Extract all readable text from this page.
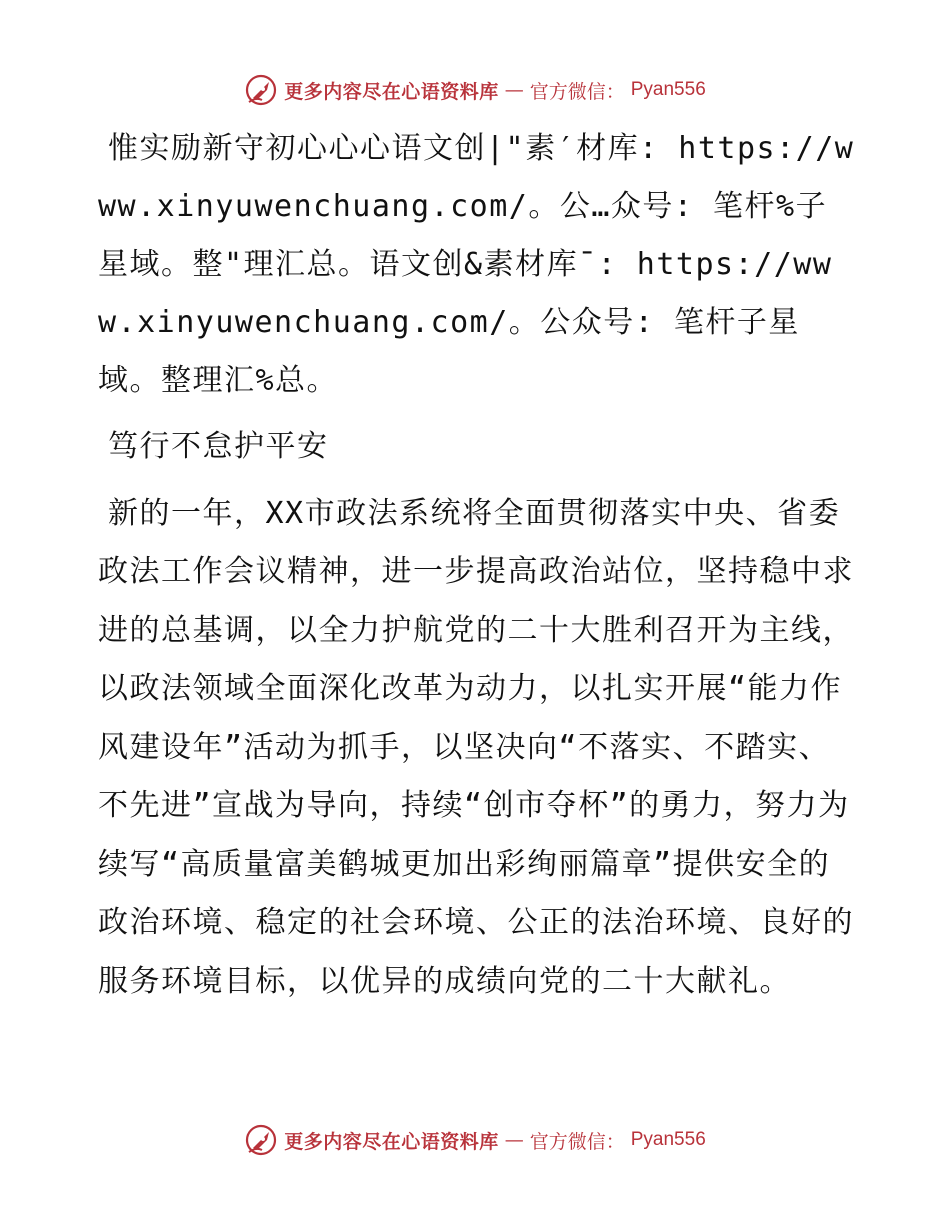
更多内容尽在心语资料库 — 官方微信： Pyan556

惟实励新守初心心心语文创|"素′材库: https://www.xinyuwenchuang.com/。公…众号: 笔杆%子星域。整"理汇总。语文创&素材库¯: https://www.xinyuwenchuang.com/。公众号: 笔杆子星域。整理汇%总。

笃行不怠护平安

新的一年，XX市政法系统将全面贯彻落实中央、省委政法工作会议精神，进一步提高政治站位，坚持稳中求进的总基调，以全力护航党的二十大胜利召开为主线，以政法领域全面深化改革为动力，以扎实开展“能力作风建设年”活动为抓手，以坚决向“不落实、不踏实、不先进”宣战为导向，持续“创市夺杯”的勇力，努力为续写“高质量富美鹤城更加出彩绚丽篇章”提供安全的政治环境、稳定的社会环境、公正的法治环境、良好的服务环境目标，以优异的成绩向党的二十大献礼。

更多内容尽在心语资料库 — 官方微信： Pyan556
